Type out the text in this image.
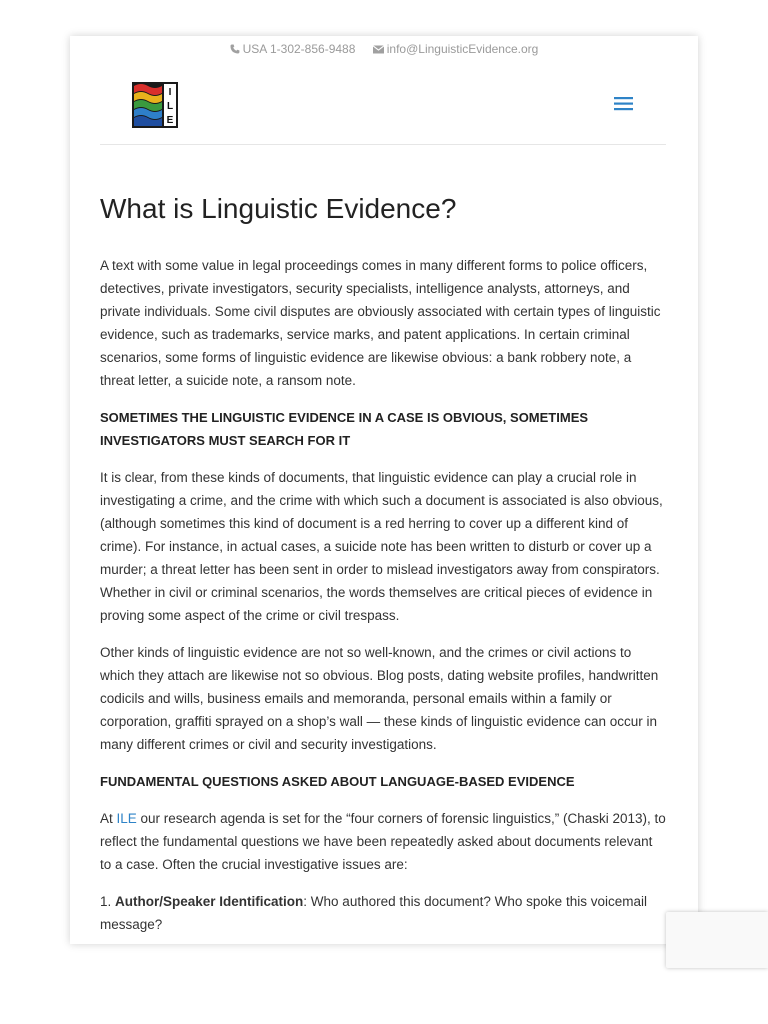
USA 1-302-856-9488	info@LinguisticEvidence.org
I
L
E
What is Linguistic Evidence?

A text with some value in legal proceedings comes in many different forms to police officers, detectives, private investigators, security specialists, intelligence analysts, attorneys, and private individuals. Some civil disputes are obviously associated with certain types of linguistic evidence, such as trademarks, service marks, and patent applications. In certain criminal scenarios, some forms of linguistic evidence are likewise obvious: a bank robbery note, a threat letter, a suicide note, a ransom note.

SOMETIMES THE LINGUISTIC EVIDENCE IN A CASE IS OBVIOUS, SOMETIMES INVESTIGATORS MUST SEARCH FOR IT

It is clear, from these kinds of documents, that linguistic evidence can play a crucial role in investigating a crime, and the crime with which such a document is associated is also obvious, (although sometimes this kind of document is a red herring to cover up a different kind of crime). For instance, in actual cases, a suicide note has been written to disturb or cover up a murder; a threat letter has been sent in order to mislead investigators away from conspirators. Whether in civil or criminal scenarios, the words themselves are critical pieces of evidence in proving some aspect of the crime or civil trespass.

Other kinds of linguistic evidence are not so well-known, and the crimes or civil actions to which they attach are likewise not so obvious. Blog posts, dating website profiles, handwritten codicils and wills, business emails and memoranda, personal emails within a family or corporation, graffiti sprayed on a shop’s wall — these kinds of linguistic evidence can occur in many different crimes or civil and security investigations.

FUNDAMENTAL QUESTIONS ASKED ABOUT LANGUAGE-BASED EVIDENCE

At ILE our research agenda is set for the “four corners of forensic linguistics,” (Chaski 2013), to reflect the fundamental questions we have been repeatedly asked about documents relevant to a case. Often the crucial investigative issues are:

1. Author/Speaker Identification: Who authored this document? Who spoke this voicemail message?
